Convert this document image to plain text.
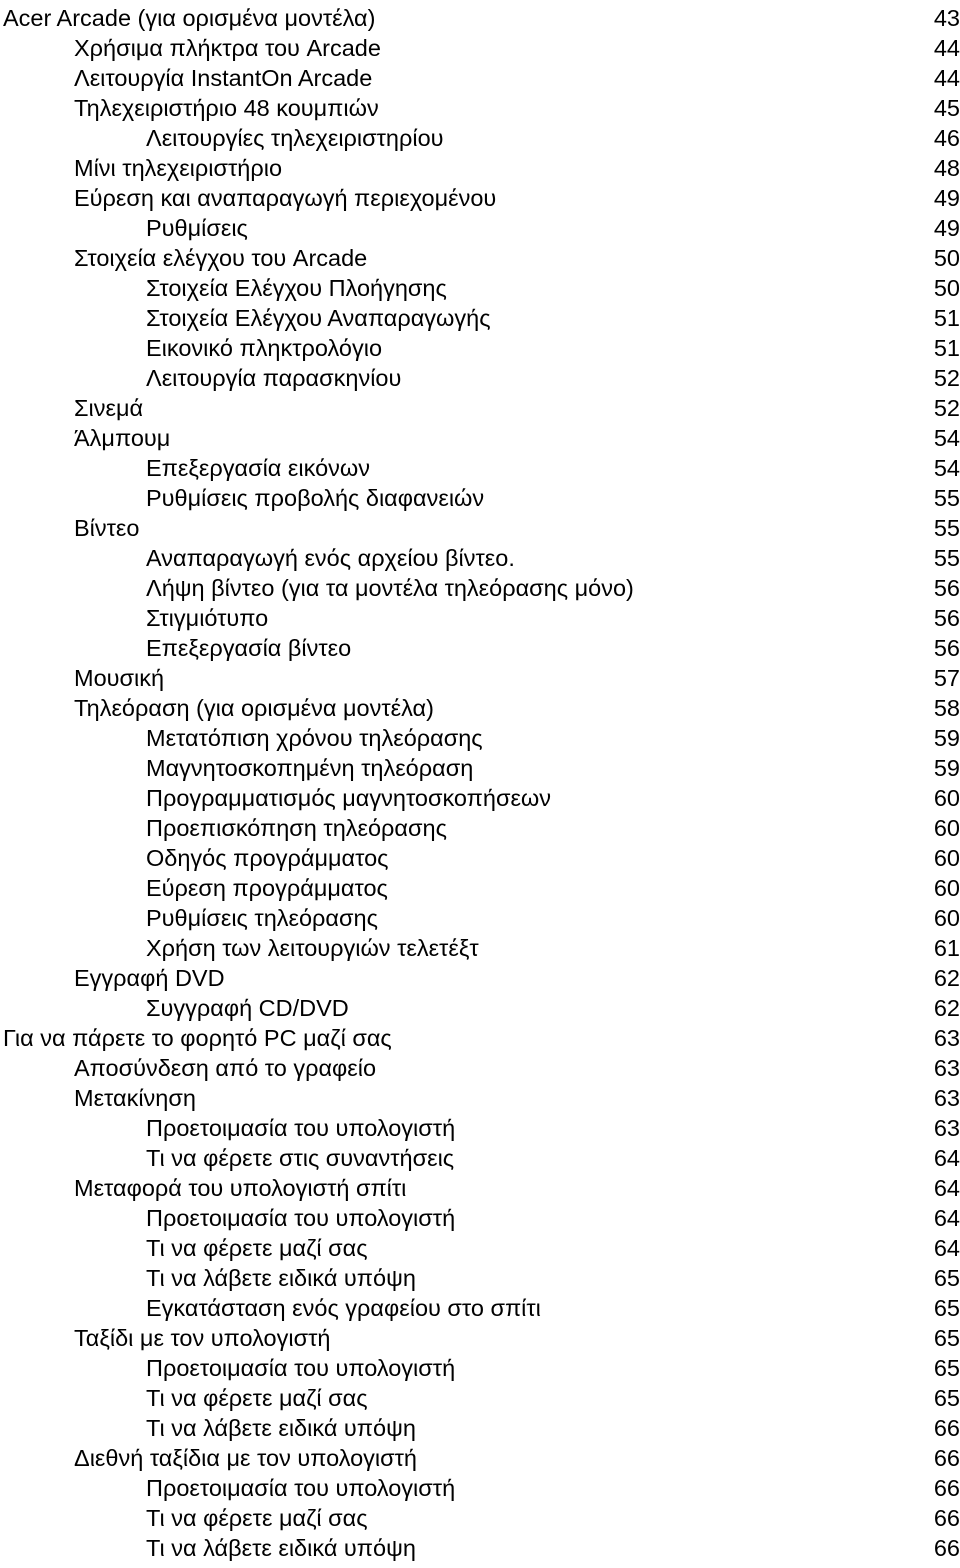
Acer Arcade (για ορισμένα μοντέλα)	43
Χρήσιμα πλήκτρα του Arcade	44
Λειτουργία InstantOn Arcade	44
Τηλεχειριστήριο 48 κουμπιών	45
Λειτουργίες τηλεχειριστηρίου	46
Μίνι τηλεχειριστήριο	48
Εύρεση και αναπαραγωγή περιεχομένου	49
Ρυθμίσεις	49
Στοιχεία ελέγχου του Arcade	50
Στοιχεία Ελέγχου Πλοήγησης	50
Στοιχεία Ελέγχου Αναπαραγωγής	51
Εικονικό πληκτρολόγιο	51
Λειτουργία παρασκηνίου	52
Σινεμά	52
Άλμπουμ	54
Επεξεργασία εικόνων	54
Ρυθμίσεις προβολής διαφανειών	55
Βίντεο	55
Αναπαραγωγή ενός αρχείου βίντεο.	55
Λήψη βίντεο (για τα μοντέλα τηλεόρασης μόνο)	56
Στιγμιότυπο	56
Επεξεργασία βίντεο	56
Μουσική	57
Τηλεόραση (για ορισμένα μοντέλα)	58
Μετατόπιση χρόνου τηλεόρασης	59
Μαγνητοσκοπημένη τηλεόραση	59
Προγραμματισμός μαγνητοσκοπήσεων	60
Προεπισκόπηση τηλεόρασης	60
Οδηγός προγράμματος	60
Εύρεση προγράμματος	60
Ρυθμίσεις τηλεόρασης	60
Χρήση των λειτουργιών τελετέξτ	61
Εγγραφή DVD	62
Συγγραφή CD/DVD	62
Για να πάρετε το φορητό PC μαζί σας	63
Αποσύνδεση από το γραφείο	63
Μετακίνηση	63
Προετοιμασία του υπολογιστή	63
Τι να φέρετε στις συναντήσεις	64
Μεταφορά του υπολογιστή σπίτι	64
Προετοιμασία του υπολογιστή	64
Τι να φέρετε μαζί σας	64
Τι να λάβετε ειδικά υπόψη	65
Εγκατάσταση ενός γραφείου στο σπίτι	65
Ταξίδι με τον υπολογιστή	65
Προετοιμασία του υπολογιστή	65
Τι να φέρετε μαζί σας	65
Τι να λάβετε ειδικά υπόψη	66
Διεθνή ταξίδια με τον υπολογιστή	66
Προετοιμασία του υπολογιστή	66
Τι να φέρετε μαζί σας	66
Τι να λάβετε ειδικά υπόψη	66
